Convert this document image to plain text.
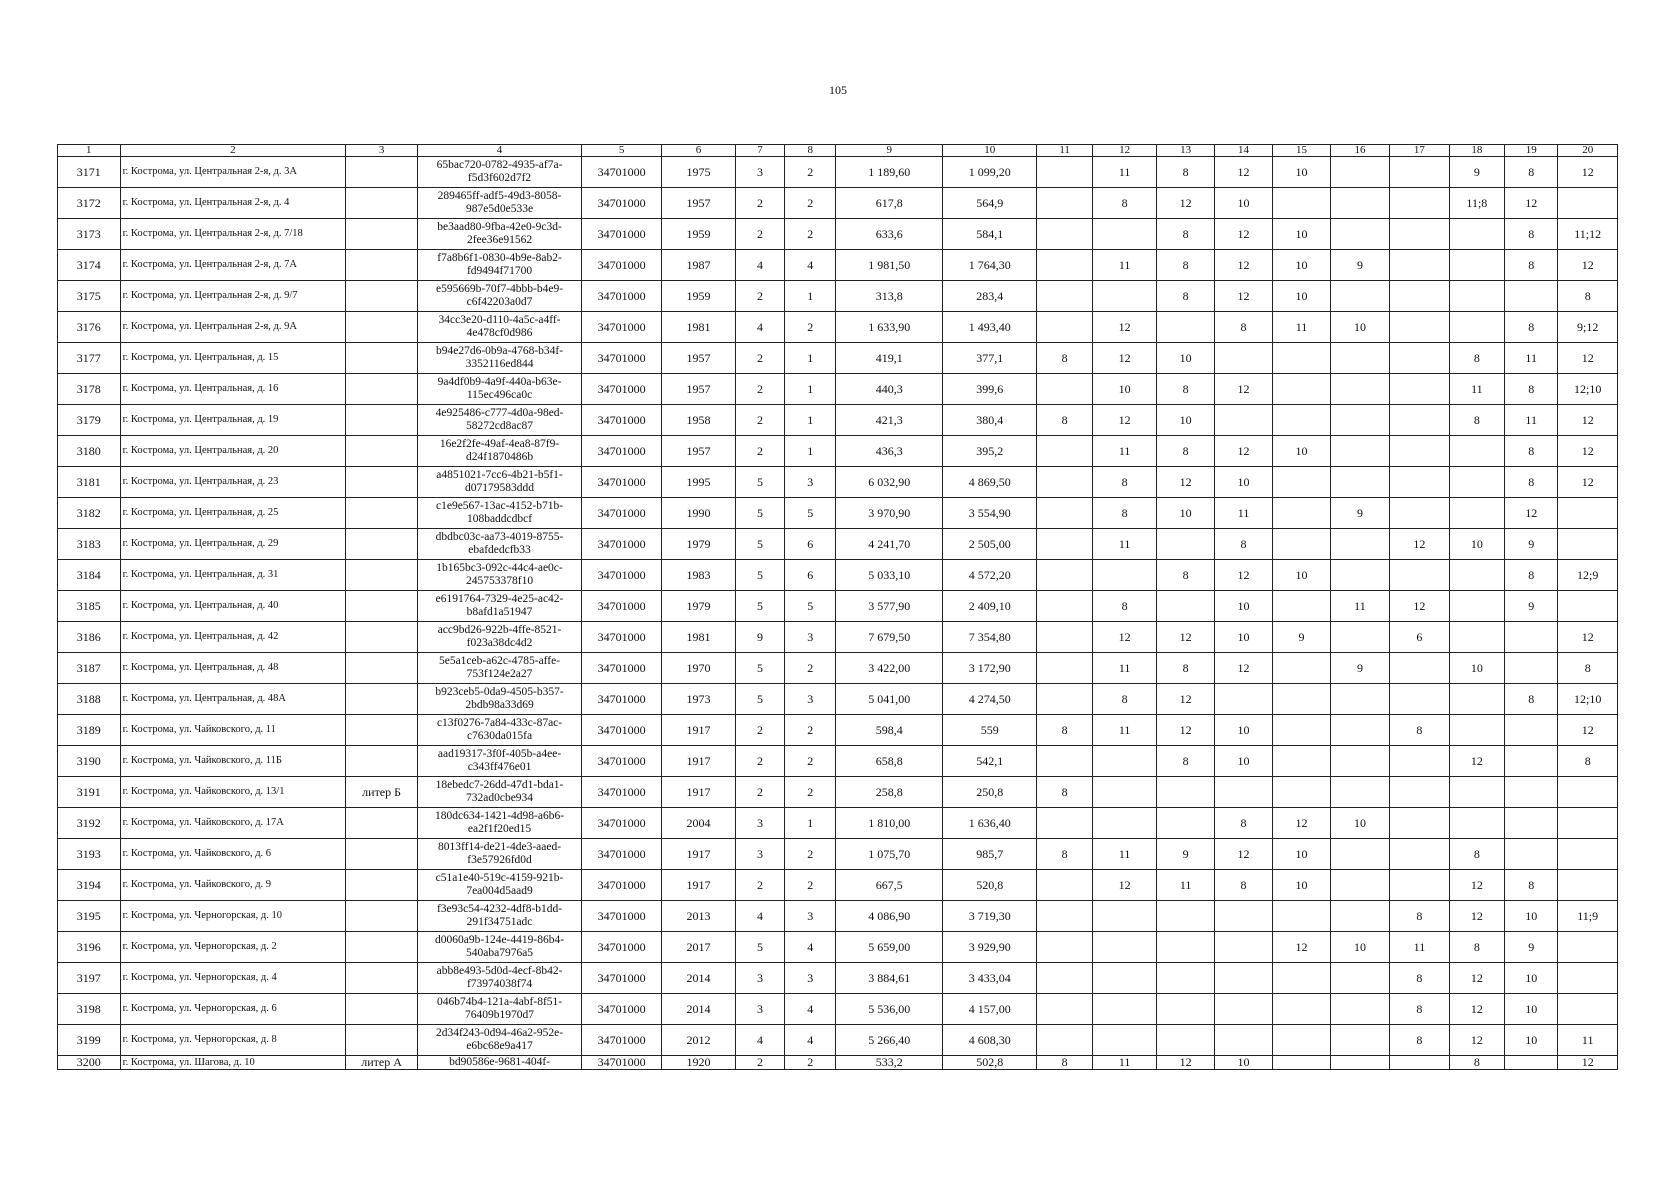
105
1	2	3	4	5	6	7	8	9	10	11	12	13	14	15	16	17	18	19	20
3171	г. Кострома, ул. Центральная 2-я, д. 3А		65bac720-0782-4935-af7a-f5d3f602d7f2	34701000	1975	3	2	1 189,60	1 099,20		11	8	12	10			9	8	12
3172	г. Кострома, ул. Центральная 2-я, д. 4		289465ff-adf5-49d3-8058-987e5d0e533e	34701000	1957	2	2	617,8	564,9		8	12	10				11;8	12	
3173	г. Кострома, ул. Центральная 2-я, д. 7/18		be3aad80-9fba-42e0-9c3d-2fee36e91562	34701000	1959	2	2	633,6	584,1			8	12	10				8	11;12
3174	г. Кострома, ул. Центральная 2-я, д. 7А		f7a8b6f1-0830-4b9e-8ab2-fd9494f71700	34701000	1987	4	4	1 981,50	1 764,30		11	8	12	10	9			8	12
3175	г. Кострома, ул. Центральная 2-я, д. 9/7		e595669b-70f7-4bbb-b4e9-c6f42203a0d7	34701000	1959	2	1	313,8	283,4			8	12	10					8
3176	г. Кострома, ул. Центральная 2-я, д. 9А		34cc3e20-d110-4a5c-a4ff-4e478cf0d986	34701000	1981	4	2	1 633,90	1 493,40		12		8	11	10			8	9;12
3177	г. Кострома, ул. Центральная, д. 15		b94e27d6-0b9a-4768-b34f-3352116ed844	34701000	1957	2	1	419,1	377,1	8	12	10					8	11	12
3178	г. Кострома, ул. Центральная, д. 16		9a4df0b9-4a9f-440a-b63e-115ec496ca0c	34701000	1957	2	1	440,3	399,6		10	8	12				11	8	12;10
3179	г. Кострома, ул. Центральная, д. 19		4e925486-c777-4d0a-98ed-58272cd8ac87	34701000	1958	2	1	421,3	380,4	8	12	10					8	11	12
3180	г. Кострома, ул. Центральная, д. 20		16e2f2fe-49af-4ea8-87f9-d24f1870486b	34701000	1957	2	1	436,3	395,2		11	8	12	10				8	12
3181	г. Кострома, ул. Центральная, д. 23		a4851021-7cc6-4b21-b5f1-d07179583ddd	34701000	1995	5	3	6 032,90	4 869,50		8	12	10					8	12
3182	г. Кострома, ул. Центральная, д. 25		c1e9e567-13ac-4152-b71b-108baddcdbcf	34701000	1990	5	5	3 970,90	3 554,90		8	10	11		9			12	
3183	г. Кострома, ул. Центральная, д. 29		dbdbc03c-aa73-4019-8755-ebafdedcfb33	34701000	1979	5	6	4 241,70	2 505,00		11		8			12	10	9	
3184	г. Кострома, ул. Центральная, д. 31		1b165bc3-092c-44c4-ae0c-245753378f10	34701000	1983	5	6	5 033,10	4 572,20			8	12	10				8	12;9
3185	г. Кострома, ул. Центральная, д. 40		e6191764-7329-4e25-ac42-b8afd1a51947	34701000	1979	5	5	3 577,90	2 409,10		8		10		11	12		9	
3186	г. Кострома, ул. Центральная, д. 42		acc9bd26-922b-4ffe-8521-f023a38dc4d2	34701000	1981	9	3	7 679,50	7 354,80		12	12	10	9		6			12
3187	г. Кострома, ул. Центральная, д. 48		5e5a1ceb-a62c-4785-affe-753f124e2a27	34701000	1970	5	2	3 422,00	3 172,90		11	8	12		9		10		8
3188	г. Кострома, ул. Центральная, д. 48А		b923ceb5-0da9-4505-b357-2bdb98a33d69	34701000	1973	5	3	5 041,00	4 274,50		8	12						8	12;10
3189	г. Кострома, ул. Чайковского, д. 11		c13f0276-7a84-433c-87ac-c7630da015fa	34701000	1917	2	2	598,4	559	8	11	12	10			8			12
3190	г. Кострома, ул. Чайковского, д. 11Б		aad19317-3f0f-405b-a4ee-c343ff476e01	34701000	1917	2	2	658,8	542,1			8	10				12		8
3191	г. Кострома, ул. Чайковского, д. 13/1	литер Б	18ebedc7-26dd-47d1-bda1-732ad0cbe934	34701000	1917	2	2	258,8	250,8	8									
3192	г. Кострома, ул. Чайковского, д. 17А		180dc634-1421-4d98-a6b6-ea2f1f20ed15	34701000	2004	3	1	1 810,00	1 636,40				8	12	10				
3193	г. Кострома, ул. Чайковского, д. 6		8013ff14-de21-4de3-aaed-f3e57926fd0d	34701000	1917	3	2	1 075,70	985,7	8	11	9	12	10			8		
3194	г. Кострома, ул. Чайковского, д. 9		c51a1e40-519c-4159-921b-7ea004d5aad9	34701000	1917	2	2	667,5	520,8		12	11	8	10			12	8	
3195	г. Кострома, ул. Черногорская, д. 10		f3e93c54-4232-4df8-b1dd-291f34751adc	34701000	2013	4	3	4 086,90	3 719,30							8	12	10	11;9
3196	г. Кострома, ул. Черногорская, д. 2		d0060a9b-124e-4419-86b4-540aba7976a5	34701000	2017	5	4	5 659,00	3 929,90					12	10	11	8	9	
3197	г. Кострома, ул. Черногорская, д. 4		abb8e493-5d0d-4ecf-8b42-f73974038f74	34701000	2014	3	3	3 884,61	3 433,04							8	12	10	
3198	г. Кострома, ул. Черногорская, д. 6		046b74b4-121a-4abf-8f51-76409b1970d7	34701000	2014	3	4	5 536,00	4 157,00							8	12	10	
3199	г. Кострома, ул. Черногорская, д. 8		2d34f243-0d94-46a2-952e-e6bc68e9a417	34701000	2012	4	4	5 266,40	4 608,30							8	12	10	11
3200	г. Кострома, ул. Шагова, д. 10	литер А	bd90586e-9681-404f-	34701000	1920	2	2	533,2	502,8	8	11	12	10				8		12
